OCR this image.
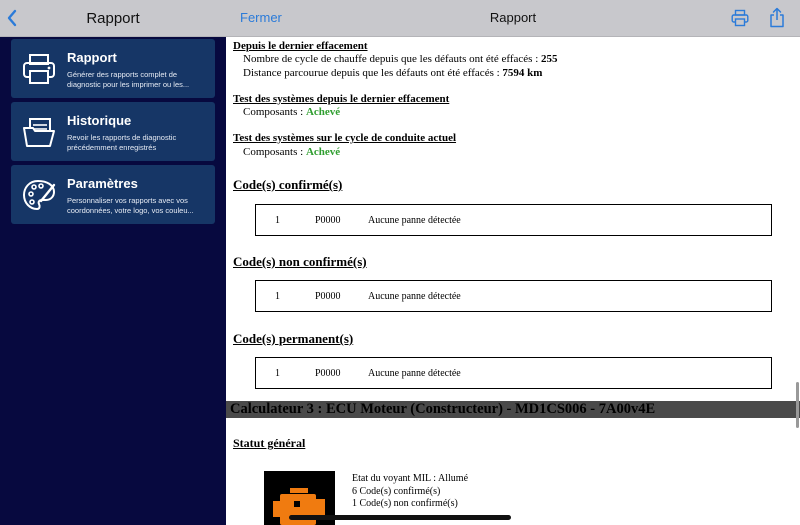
Rapport
Rapport
Générer des rapports complet de
diagnostic pour les imprimer ou les...
Historique
Revoir les rapports de diagnostic
précédemment enregistrés
Paramètres
Personnaliser vos rapports avec vos
coordonnées, votre logo, vos couleu...
Fermer	Rapport
Depuis le dernier effacement
Nombre de cycle de chauffe depuis que les défauts ont été effacés : 255
Distance parcourue depuis que les défauts ont été effacés : 7594 km
Test des systèmes depuis le dernier effacement
Composants : Achevé
Test des systèmes sur le cycle de conduite actuel
Composants : Achevé
Code(s) confirmé(s)
1	P0000	Aucune panne détectée
Code(s) non confirmé(s)
1	P0000	Aucune panne détectée
Code(s) permanent(s)
1	P0000	Aucune panne détectée
Calculateur 3 : ECU Moteur (Constructeur) - MD1CS006 - 7A00v4E
Statut général
Etat du voyant MIL : Allumé
6 Code(s) confirmé(s)
1 Code(s) non confirmé(s)
